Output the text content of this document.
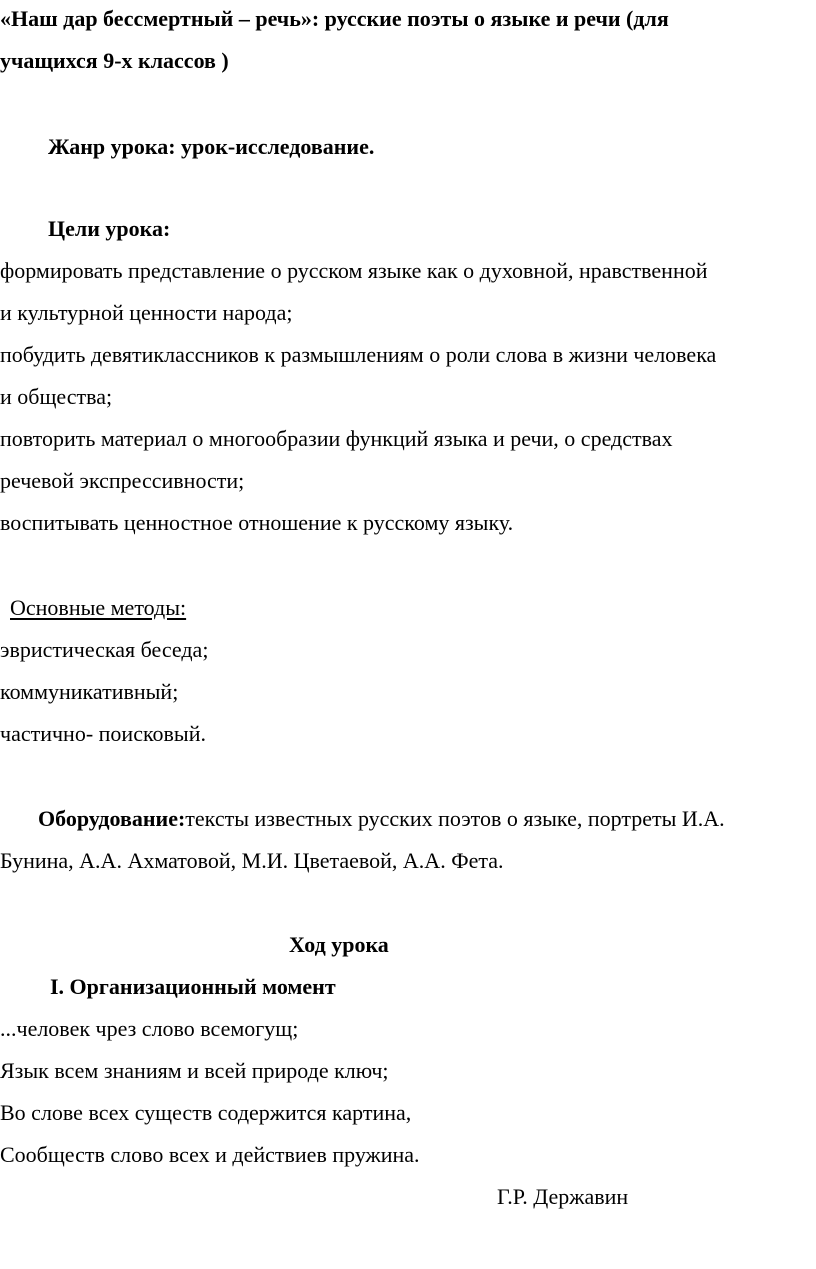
«Наш дар бессмертный – речь»: русские поэты о языке и речи (для
учащихся 9-х классов )
Жанр урока: урок-исследование.
Цели урока:
формировать представление о русском языке как о духовной, нравственной
и культурной ценности народа;
побудить девятиклассников к размышлениям о роли слова в жизни человека
и общества;
повторить материал о многообразии функций языка и речи, о средствах
речевой экспрессивности;
воспитывать ценностное отношение к русскому языку.
Основные методы:
эвристическая беседа;
коммуникативный;
частично- поисковый.
Оборудование:тексты известных русских поэтов о языке, портреты И.А.
Бунина, А.А. Ахматовой, М.И. Цветаевой, А.А. Фета.
Ход урока
I. Организационный момент
...человек чрез слово всемогущ;
Язык всем знаниям и всей природе ключ;
Во слове всех существ содержится картина,
Сообществ слово всех и действиев пружина.
Г.Р. Державин
